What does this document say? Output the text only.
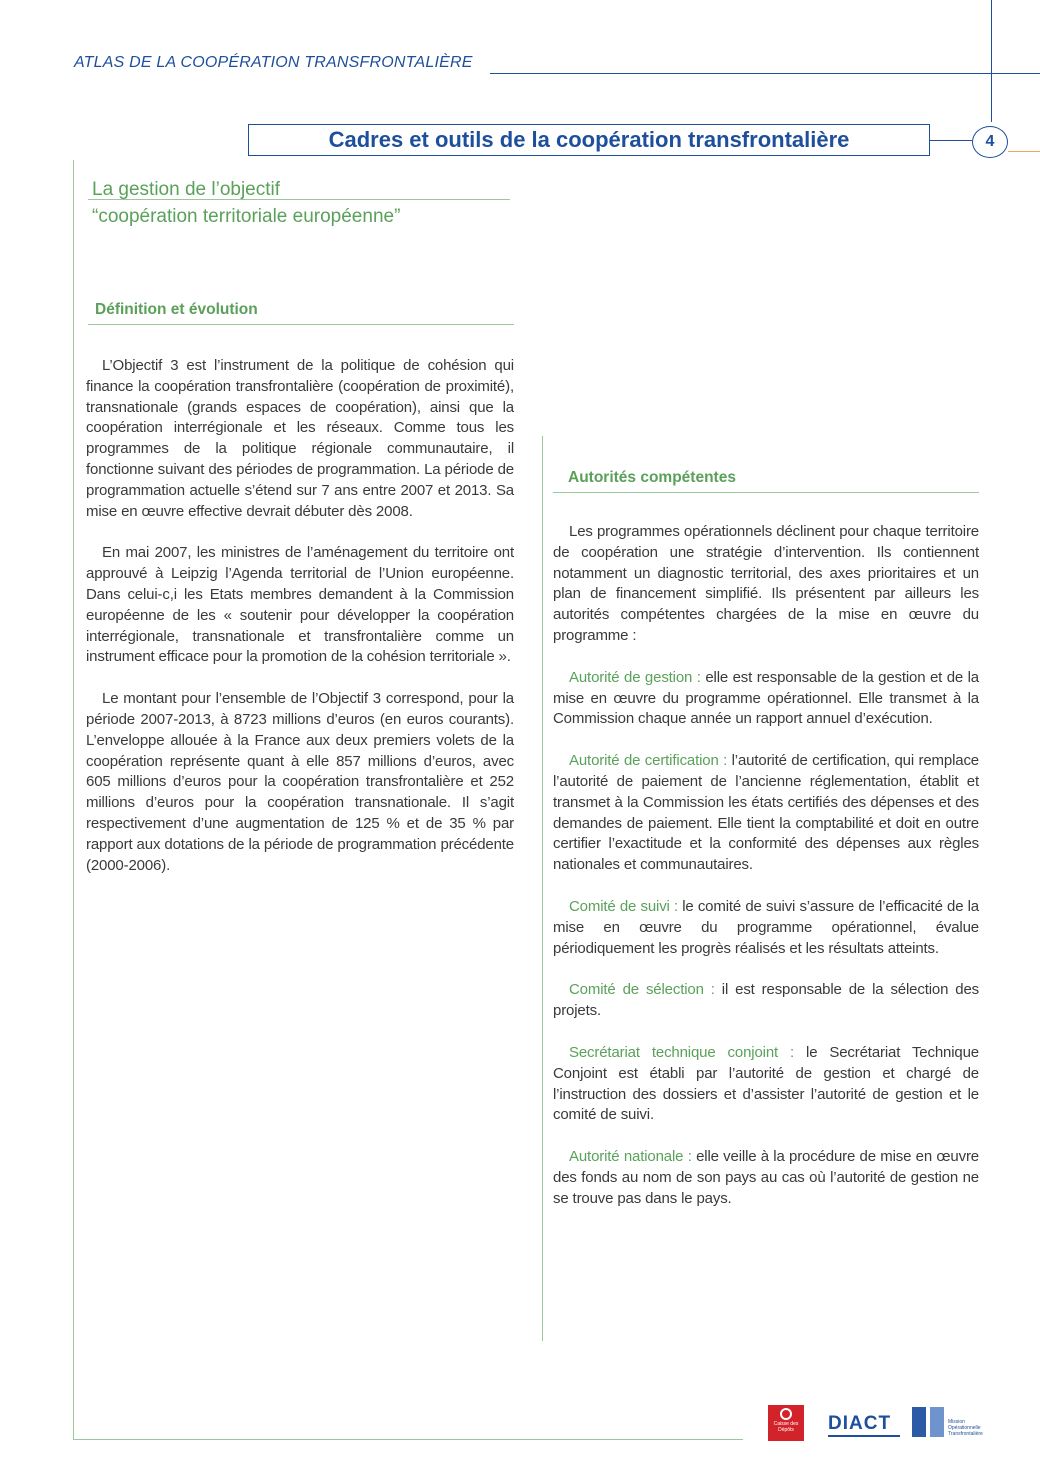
ATLAS DE LA COOPÉRATION TRANSFRONTALIÈRE
Cadres et outils de la coopération transfrontalière	4
La gestion de l’objectif
“coopération territoriale européenne”
Définition et évolution

L’Objectif 3 est l’instrument de la politique de cohésion qui finance la coopération transfrontalière (coopération de proximité), transnationale (grands espaces de coopération), ainsi que la coopération interrégionale et les réseaux. Comme tous les programmes de la politique régionale communautaire, il fonctionne suivant des périodes de programmation. La période de programmation actuelle s’étend sur 7 ans entre 2007 et 2013. Sa mise en œuvre effective devrait débuter dès 2008.

En mai 2007, les ministres de l’aménagement du territoire ont approuvé à Leipzig l’Agenda territorial de l’Union européenne. Dans celui-c,i les Etats membres demandent à la Commission européenne de les « soutenir pour développer la coopération interrégionale, transnationale et transfrontalière comme un instrument efficace pour la promotion de la cohésion territoriale ».

Le montant pour l’ensemble de l’Objectif 3 correspond, pour la période 2007-2013, à 8723 millions d’euros (en euros courants). L’enveloppe allouée à la France aux deux premiers volets de la coopération représente quant à elle 857 millions d’euros, avec 605 millions d’euros pour la coopération transfrontalière et 252 millions d’euros pour la coopération transnationale. Il s’agit respectivement d’une augmentation de 125 % et de 35 % par rapport aux dotations de la période de programmation précédente (2000-2006).

Autorités compétentes

Les programmes opérationnels déclinent pour chaque territoire de coopération une stratégie d’intervention. Ils contiennent notamment un diagnostic territorial, des axes prioritaires et un plan de financement simplifié. Ils présentent par ailleurs les autorités compétentes chargées de la mise en œuvre du programme :

Autorité de gestion : elle est responsable de la gestion et de la mise en œuvre du programme opérationnel. Elle transmet à la Commission chaque année un rapport annuel d’exécution.

Autorité de certification : l’autorité de certification, qui remplace l’autorité de paiement de l’ancienne réglementation, établit et transmet à la Commission les états certifiés des dépenses et des demandes de paiement. Elle tient la comptabilité et doit en outre certifier l’exactitude et la conformité des dépenses aux règles nationales et communautaires.

Comité de suivi : le comité de suivi s’assure de l’efficacité de la mise en œuvre du programme opérationnel, évalue périodiquement les progrès réalisés et les résultats atteints.

Comité de sélection : il est responsable de la sélection des projets.

Secrétariat technique conjoint : le Secrétariat Technique Conjoint est établi par l’autorité de gestion et chargé de l’instruction des dossiers et d’assister l’autorité de gestion et le comité de suivi.

Autorité nationale : elle veille à la procédure de mise en œuvre des fonds au nom de son pays au cas où l’autorité de gestion ne se trouve pas dans le pays.

Caisse des Dépôts	DIACT	Mission Opérationnelle Transfrontalière
